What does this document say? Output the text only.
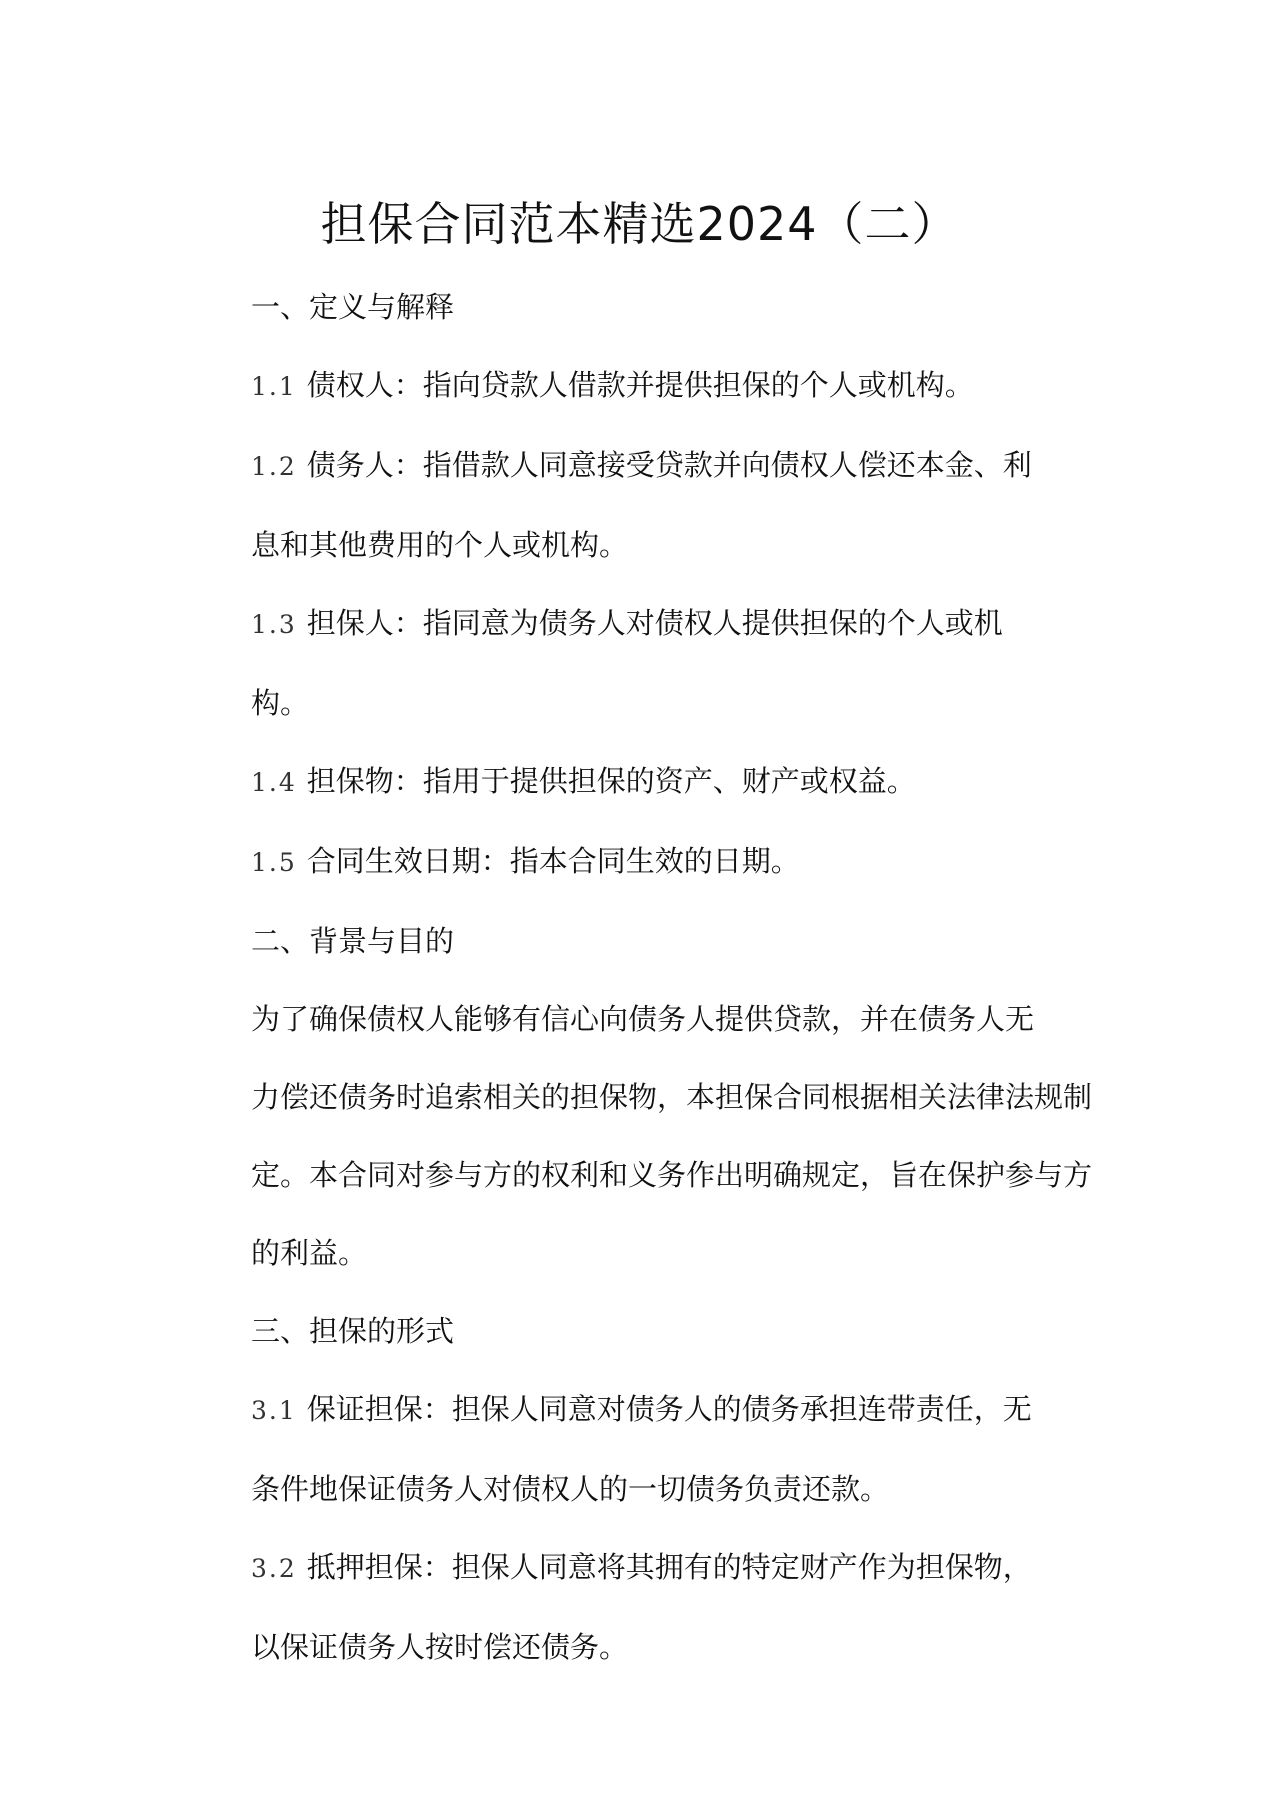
担保合同范本精选2024（二）

一、定义与解释

1.1 债权人：指向贷款人借款并提供担保的个人或机构。

1.2 债务人：指借款人同意接受贷款并向债权人偿还本金、利
息和其他费用的个人或机构。

1.3 担保人：指同意为债务人对债权人提供担保的个人或机
构。

1.4 担保物：指用于提供担保的资产、财产或权益。

1.5 合同生效日期：指本合同生效的日期。

二、背景与目的

为了确保债权人能够有信心向债务人提供贷款，并在债务人无
力偿还债务时追索相关的担保物，本担保合同根据相关法律法规制
定。本合同对参与方的权利和义务作出明确规定，旨在保护参与方
的利益。

三、担保的形式

3.1 保证担保：担保人同意对债务人的债务承担连带责任，无
条件地保证债务人对债权人的一切债务负责还款。

3.2 抵押担保：担保人同意将其拥有的特定财产作为担保物，
以保证债务人按时偿还债务。
